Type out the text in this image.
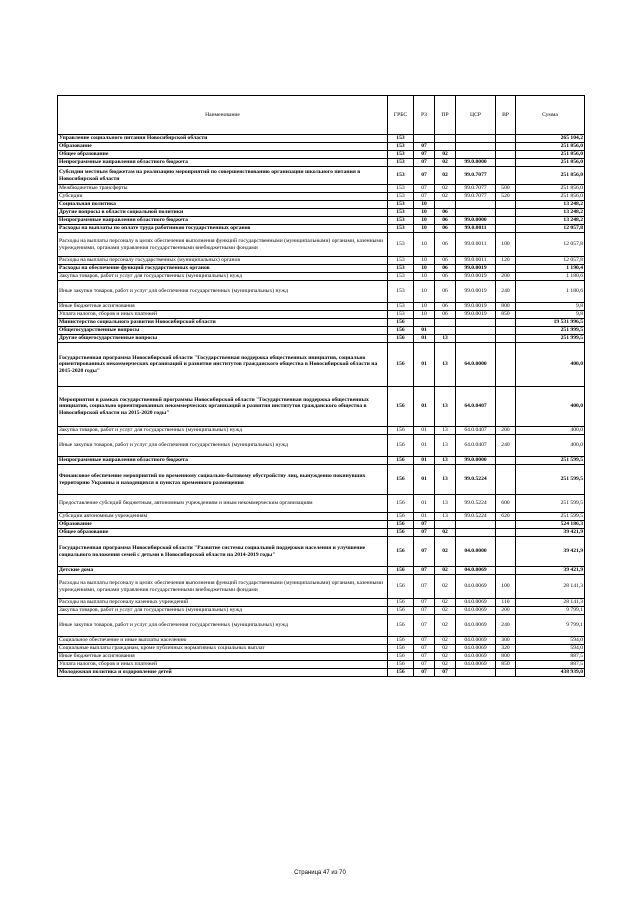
Наименование	ГРБС	РЗ	ПР	ЦСР	ВР	Сумма
Управление социального питания Новосибирской области	153					265 104,2
Образование	153	07				251 856,0
Общее образование	153	07	02			251 856,0
Непрограммные направления областного бюджета	153	07	02	99.0.0000		251 856,0
Субсидии местным бюджетам на реализацию мероприятий по совершенствованию организации школьного питания в Новосибирской области	153	07	02	99.0.7077		251 856,0
Межбюджетные трансферты	153	07	02	99.0.7077	500	251 856,0
Субсидии	153	07	02	99.0.7077	520	251 856,0
Социальная политика	153	10				13 248,2
Другие вопросы в области социальной политики	153	10	06			13 248,2
Непрограммные направления областного бюджета	153	10	06	99.0.0000		13 248,2
Расходы на выплаты по оплате труда работников государственных органов	153	10	06	99.0.0011		12 057,8
Расходы на выплаты персоналу в целях обеспечения выполнения функций государственными (муниципальными) органами, казенными учреждениями, органами управления государственными внебюджетными фондами	153	10	06	99.0.0011	100	12 057,8
Расходы на выплаты персоналу государственных (муниципальных) органов	153	10	06	99.0.0011	120	12 057,8
Расходы на обеспечение функций государственных органов	153	10	06	99.0.0019		1 190,4
Закупка товаров, работ и услуг для государственных (муниципальных) нужд	153	10	06	99.0.0019	200	1 180,6
Иные закупки товаров, работ и услуг для обеспечения государственных (муниципальных) нужд	153	10	06	99.0.0019	240	1 180,6
Иные бюджетные ассигнования	153	10	06	99.0.0019	800	9,8
Уплата налогов, сборов и иных платежей	153	10	06	99.0.0019	850	9,8
Министерство социального развития Новосибирской области	156					19 531 996,5
Общегосударственные вопросы	156	01				251 999,5
Другие общегосударственные вопросы	156	01	13			251 999,5
Государственная программа Новосибирской области "Государственная поддержка общественных инициатив, социально ориентированных некоммерческих организаций и развития институтов гражданского общества в Новосибирской области на 2015-2020 годы"	156	01	13	64.0.0000		400,0
Мероприятия в рамках государственной программы Новосибирской области "Государственная поддержка общественных инициатив, социально ориентированных некоммерческих организаций и развития институтов гражданского общества в Новосибирской области на 2015-2020 годы"	156	01	13	64.0.0407		400,0
Закупка товаров, работ и услуг для государственных (муниципальных) нужд	156	01	13	64.0.0407	200	400,0
Иные закупки товаров, работ и услуг для обеспечения государственных (муниципальных) нужд	156	01	13	64.0.0407	240	400,0
Непрограммные направления областного бюджета	156	01	13	99.0.0000		251 599,5
Финансовое обеспечение мероприятий по временному социально-бытовому обустройству лиц, вынужденно покинувших территорию Украины и находящихся в пунктах временного размещения	156	01	13	99.0.5224		251 599,5
Предоставление субсидий бюджетным, автономным учреждениям и иным некоммерческим организациям	156	01	13	99.0.5224	600	251 599,5
Субсидии автономным учреждениям	156	01	13	99.0.5224	620	251 599,5
Образование	156	07				524 186,3
Общее образование	156	07	02			39 421,9
Государственная программа Новосибирской области "Развитие системы социальной поддержки населения и улучшение социального положения семей с детьми в Новосибирской области на 2014-2019 годы"	156	07	02	04.0.0000		39 421,9
Детские дома	156	07	02	04.0.0069		39 421,9
Расходы на выплаты персоналу в целях обеспечения выполнения функций государственными (муниципальными) органами, казенными учреждениями, органами управления государственными внебюджетными фондами	156	07	02	04.0.0069	100	28 141,3
Расходы на выплаты персоналу казенных учреждений	156	07	02	04.0.0069	110	28 141,3
Закупка товаров, работ и услуг для государственных (муниципальных) нужд	156	07	02	04.0.0069	200	9 799,1
Иные закупки товаров, работ и услуг для обеспечения государственных (муниципальных) нужд	156	07	02	04.0.0069	240	9 799,1
Социальное обеспечение и иные выплаты населению	156	07	02	04.0.0069	300	594,0
Социальные выплаты гражданам, кроме публичных нормативных социальных выплат	156	07	02	04.0.0069	320	594,0
Иные бюджетные ассигнования	156	07	02	04.0.0069	800	887,5
Уплата налогов, сборов и иных платежей	156	07	02	04.0.0069	850	887,5
Молодежная политика и оздоровление детей	156	07	07			438 939,0
Страница 47 из 70
